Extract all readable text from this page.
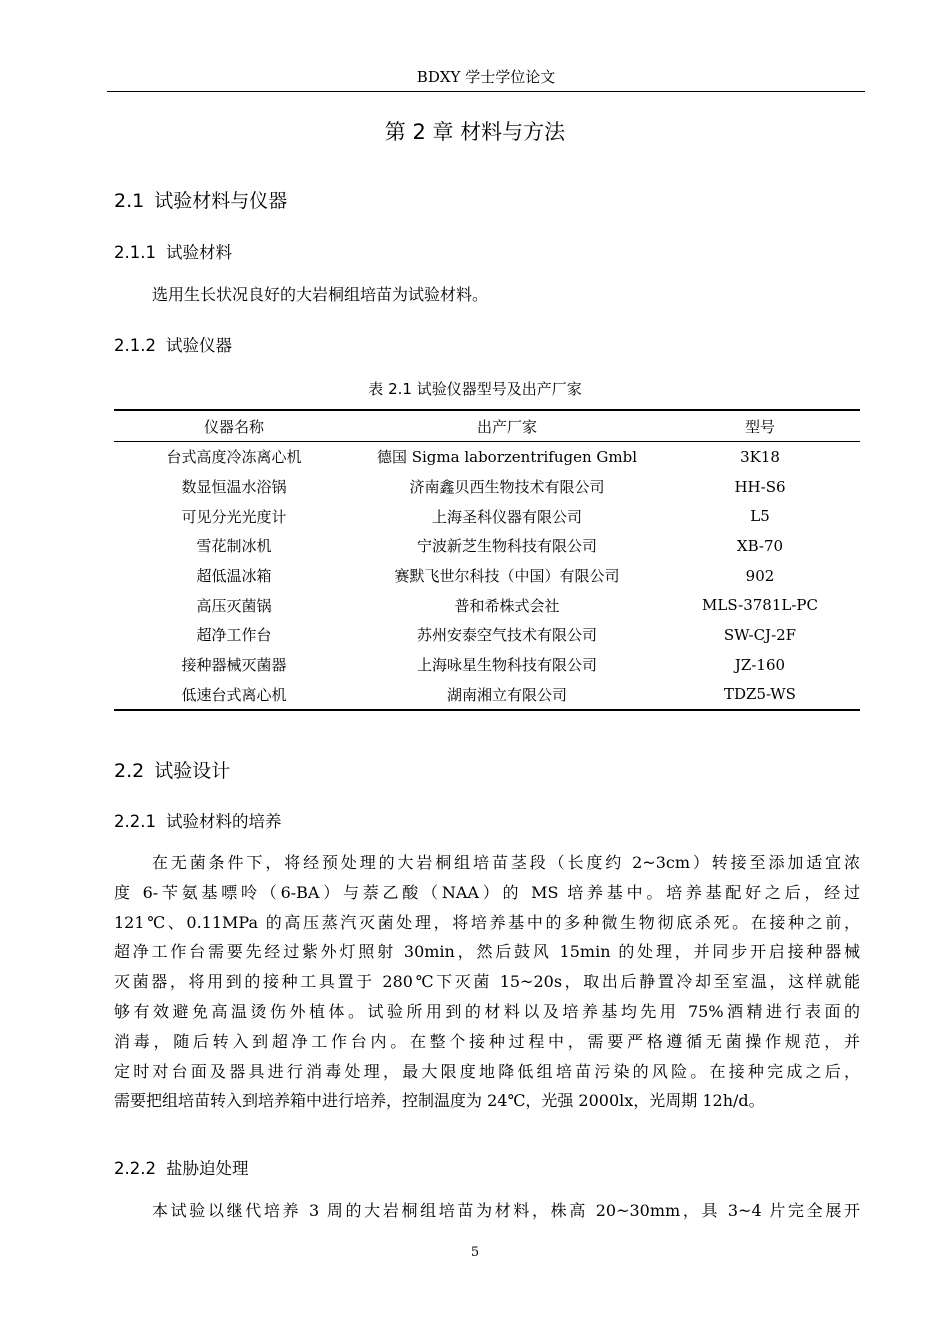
BDXY 学士学位论文
第 2 章 材料与方法
2.1 试验材料与仪器
2.1.1 试验材料

选用生长状况良好的大岩桐组培苗为试验材料。

2.1.2 试验仪器
表 2.1 试验仪器型号及出产厂家
仪器名称	出产厂家	型号
台式高度冷冻离心机	德国 Sigma laborzentrifugen Gmbl	3K18
数显恒温水浴锅	济南鑫贝西生物技术有限公司	HH-S6
可见分光光度计	上海圣科仪器有限公司	L5
雪花制冰机	宁波新芝生物科技有限公司	XB-70
超低温冰箱	赛默飞世尔科技（中国）有限公司	902
高压灭菌锅	普和希株式会社	MLS-3781L-PC
超净工作台	苏州安泰空气技术有限公司	SW-CJ-2F
接种器械灭菌器	上海咏星生物科技有限公司	JZ-160
低速台式离心机	湖南湘立有限公司	TDZ5-WS
2.2 试验设计
2.2.1 试验材料的培养
在无菌条件下，将经预处理的大岩桐组培苗茎段（长度约 2~3cm）转接至添加适宜浓
度 6-苄氨基嘌呤（6-BA）与萘乙酸（NAA）的 MS 培养基中。培养基配好之后，经过
121℃、0.11MPa 的高压蒸汽灭菌处理，将培养基中的多种微生物彻底杀死。在接种之前，
超净工作台需要先经过紫外灯照射 30min，然后鼓风 15min 的处理，并同步开启接种器械
灭菌器，将用到的接种工具置于 280℃下灭菌 15~20s，取出后静置冷却至室温，这样就能
够有效避免高温烫伤外植体。试验所用到的材料以及培养基均先用 75%酒精进行表面的
消毒，随后转入到超净工作台内。在整个接种过程中，需要严格遵循无菌操作规范，并
定时对台面及器具进行消毒处理，最大限度地降低组培苗污染的风险。在接种完成之后，
需要把组培苗转入到培养箱中进行培养，控制温度为 24℃，光强 2000lx，光周期 12h/d。
2.2.2 盐胁迫处理
本试验以继代培养 3 周的大岩桐组培苗为材料，株高 20~30mm，具 3~4 片完全展开
5
